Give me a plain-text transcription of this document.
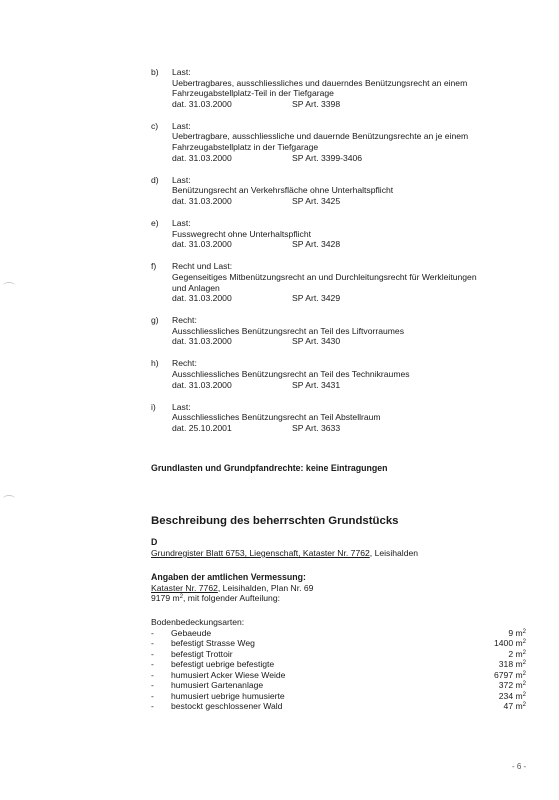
b) Last:
Uebertragbares, ausschliessliches und dauerndes Benützungsrecht an einem
Fahrzeugabstellplatz-Teil in der Tiefgarage
dat. 31.03.2000	SP Art. 3398
c) Last:
Uebertragbare, ausschliessliche und dauernde Benützungsrechte an je einem
Fahrzeugabstellplatz in der Tiefgarage
dat. 31.03.2000	SP Art. 3399-3406
d) Last:
Benützungsrecht an Verkehrsfläche ohne Unterhaltspflicht
dat. 31.03.2000	SP Art. 3425
e) Last:
Fusswegrecht ohne Unterhaltspflicht
dat. 31.03.2000	SP Art. 3428
f) Recht und Last:
Gegenseitiges Mitbenützungsrecht an und Durchleitungsrecht für Werkleitungen
und Anlagen
dat. 31.03.2000	SP Art. 3429
g) Recht:
Ausschliessliches Benützungsrecht an Teil des Liftvorraumes
dat. 31.03.2000	SP Art. 3430
h) Recht:
Ausschliessliches Benützungsrecht an Teil des Technikraumes
dat. 31.03.2000	SP Art. 3431
i) Last:
Ausschliessliches Benützungsrecht an Teil Abstellraum
dat. 25.10.2001	SP Art. 3633
Grundlasten und Grundpfandrechte: keine Eintragungen
Beschreibung des beherrschten Grundstücks
D
Grundregister Blatt 6753, Liegenschaft, Kataster Nr. 7762, Leisihalden
Angaben der amtlichen Vermessung:
Kataster Nr. 7762, Leisihalden, Plan Nr. 69
9179 $m^2$, mit folgender Aufteilung:
Bodenbedeckungsarten:
-	Gebaeude	9 $m^2$
-	befestigt Strasse Weg	1400 $m^2$
-	befestigt Trottoir	2 $m^2$
-	befestigt uebrige befestigte	318 $m^2$
-	humusiert Acker Wiese Weide	6797 $m^2$
-	humusiert Gartenanlage	372 $m^2$
-	humusiert uebrige humusierte	234 $m^2$
-	bestockt geschlossener Wald	47 $m^2$
- 6 -
